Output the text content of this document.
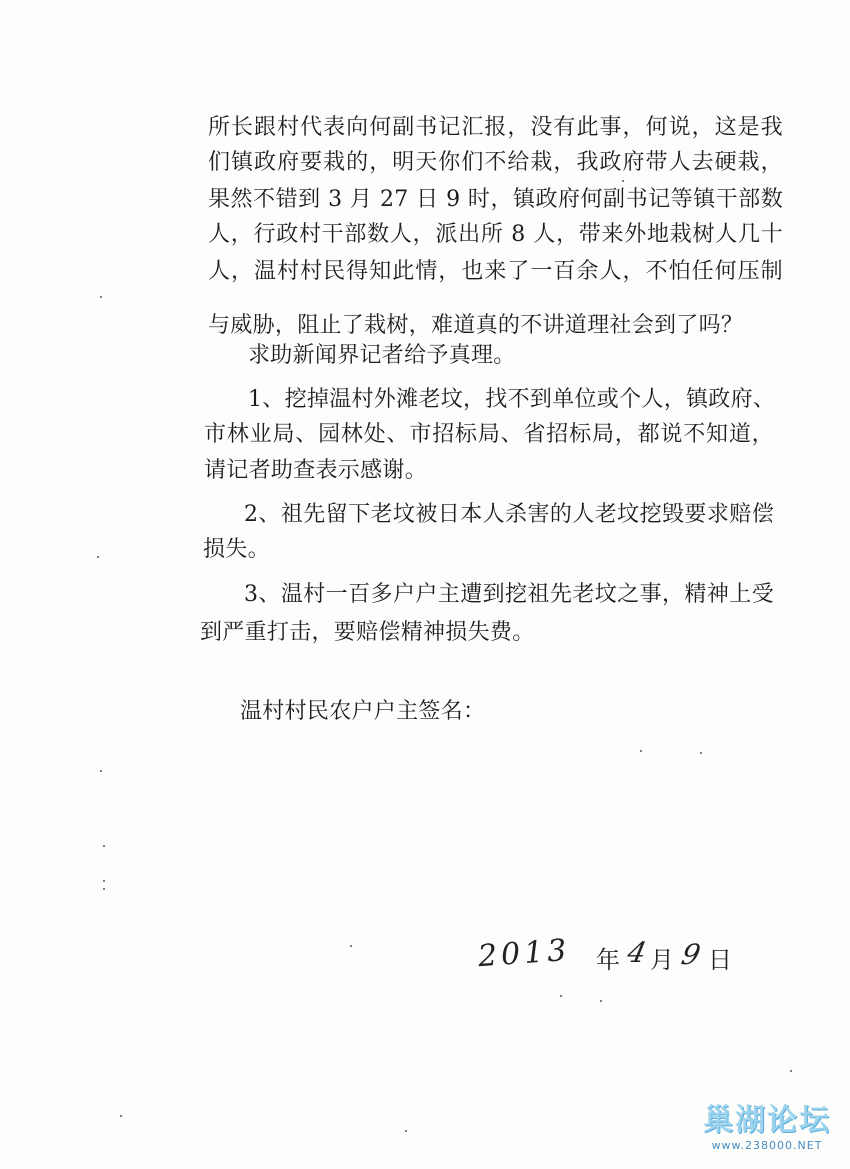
所长跟村代表向何副书记汇报，没有此事，何说，这是我
们镇政府要栽的，明天你们不给栽，我政府带人去硬栽，
果然不错到 3 月 27 日 9 时，镇政府何副书记等镇干部数
人，行政村干部数人，派出所 8 人，带来外地栽树人几十
人，温村村民得知此情，也来了一百余人，不怕任何压制
与威胁，阻止了栽树，难道真的不讲道理社会到了吗？
求助新闻界记者给予真理。
1、挖掉温村外滩老坟，找不到单位或个人，镇政府、
市林业局、园林处、市招标局、省招标局，都说不知道，
请记者助查表示感谢。
2、祖先留下老坟被日本人杀害的人老坟挖毁要求赔偿
损失。
3、温村一百多户户主遭到挖祖先老坟之事，精神上受
到严重打击，要赔偿精神损失费。
温村村民农户户主签名：
2013 年 4 月 9 日
巢湖论坛
www.238000.NET
